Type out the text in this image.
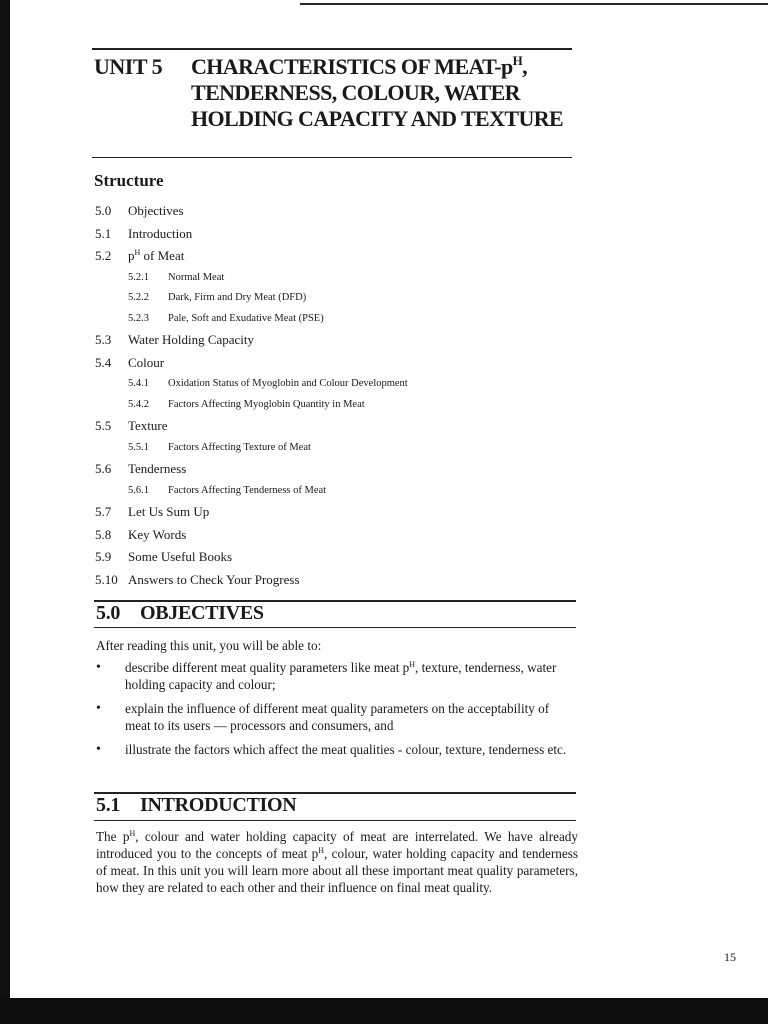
UNIT 5 CHARACTERISTICS OF MEAT-$p^H$, TENDERNESS, COLOUR, WATER HOLDING CAPACITY AND TEXTURE
Structure
5.0 Objectives
5.1 Introduction
5.2 $p^H$ of Meat
5.2.1 Normal Meat
5.2.2 Dark, Firm and Dry Meat (DFD)
5.2.3 Pale, Soft and Exudative Meat (PSE)
5.3 Water Holding Capacity
5.4 Colour
5.4.1 Oxidation Status of Myoglobin and Colour Development
5.4.2 Factors Affecting Myoglobin Quantity in Meat
5.5 Texture
5.5.1 Factors Affecting Texture of Meat
5.6 Tenderness
5.6.1 Factors Affecting Tenderness of Meat
5.7 Let Us Sum Up
5.8 Key Words
5.9 Some Useful Books
5.10 Answers to Check Your Progress
5.0 OBJECTIVES
After reading this unit, you will be able to:
• describe different meat quality parameters like meat $p^H$, texture, tenderness, water holding capacity and colour;
• explain the influence of different meat quality parameters on the acceptability of meat to its users — processors and consumers, and
• illustrate the factors which affect the meat qualities - colour, texture, tenderness etc.
5.1 INTRODUCTION
The $p^H$, colour and water holding capacity of meat are interrelated. We have already introduced you to the concepts of meat $p^H$, colour, water holding capacity and tenderness of meat. In this unit you will learn more about all these important meat quality parameters, how they are related to each other and their influence on final meat quality.
15
